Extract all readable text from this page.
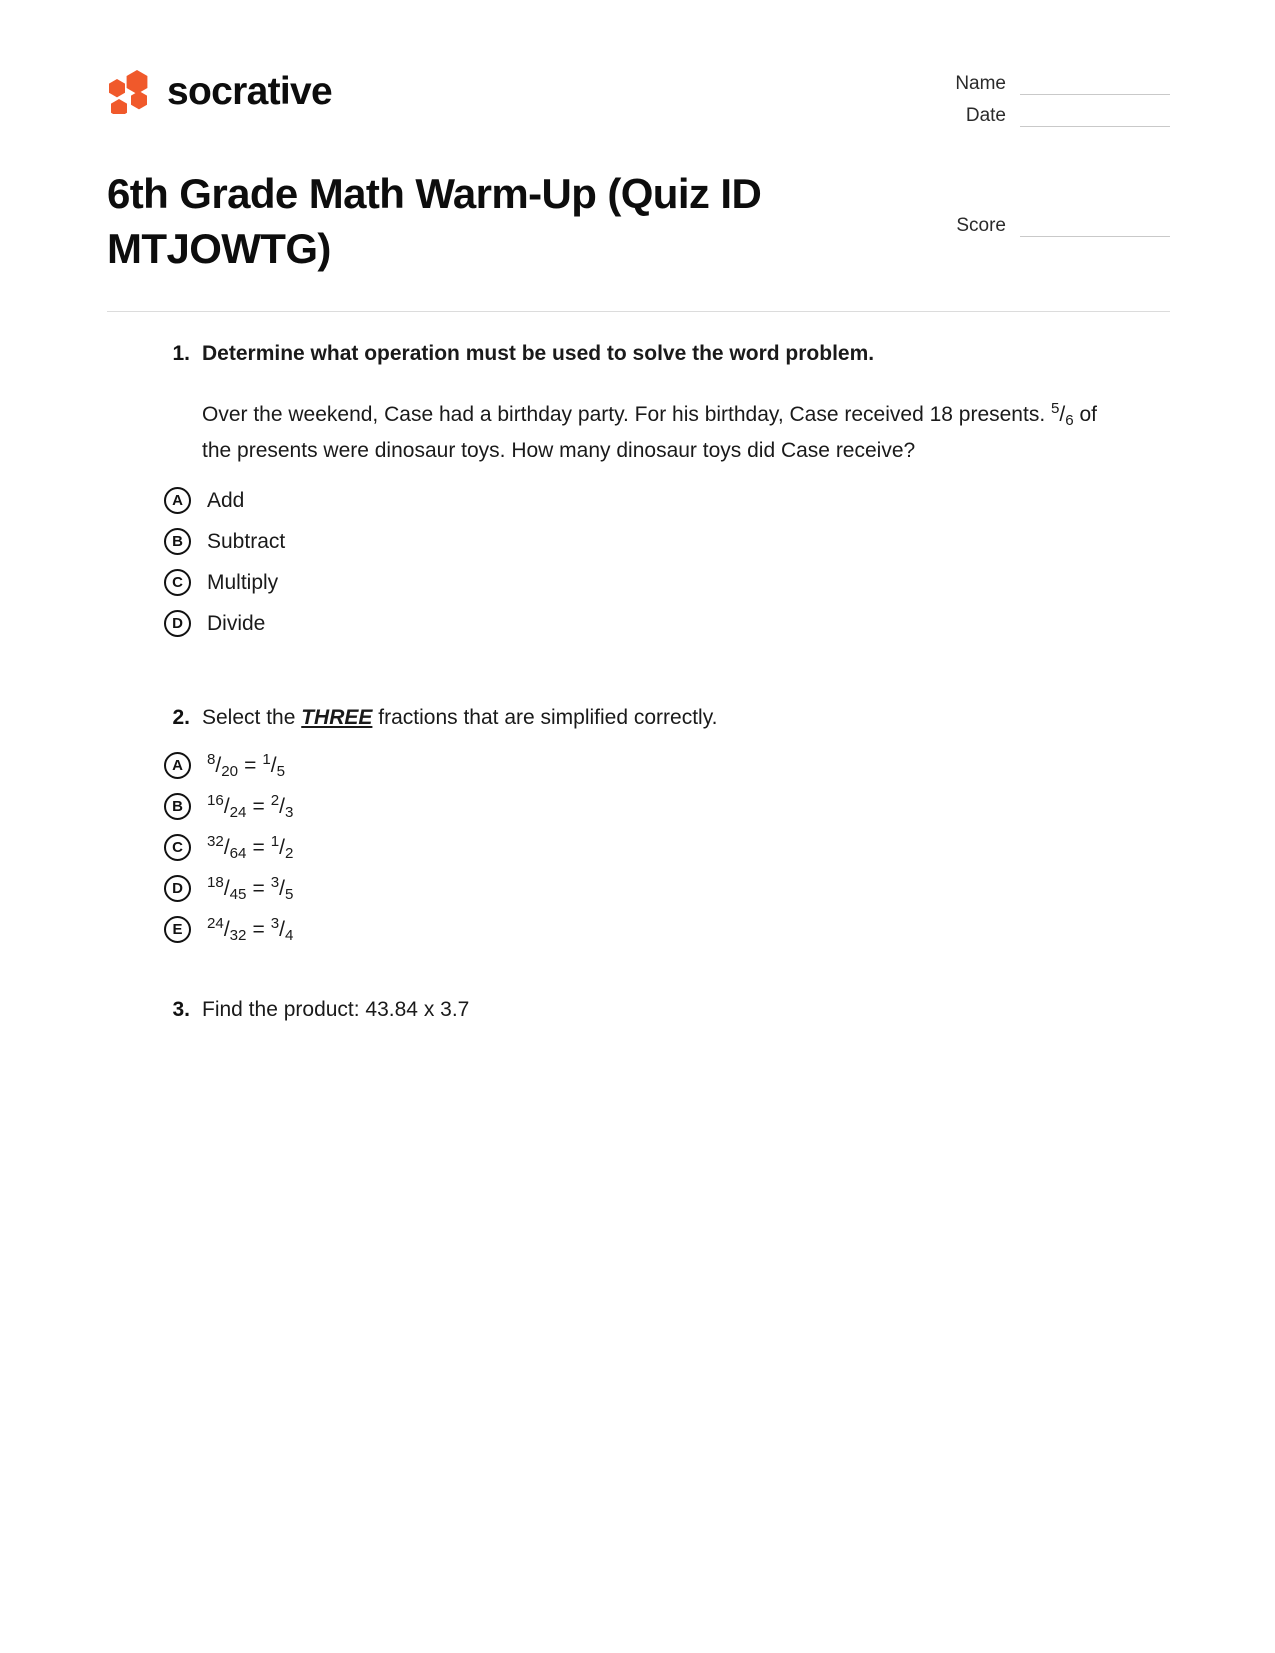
socrative	Name
Date
6th Grade Math Warm-Up (Quiz ID MTJOWTG)	Score
1. Determine what operation must be used to solve the word problem.
Over the weekend, Case had a birthday party. For his birthday, Case received 18 presents. $^5/_6$ of the presents were dinosaur toys. How many dinosaur toys did Case receive?
A	Add
B	Subtract
C	Multiply
D	Divide
2. Select the THREE fractions that are simplified correctly.
A	$^8/_{20} = ^1/_5$
B	$^{16}/_{24} = ^2/_3$
C	$^{32}/_{64} = ^1/_2$
D	$^{18}/_{45} = ^3/_5$
E	$^{24}/_{32} = ^3/_4$
3. Find the product: 43.84 x 3.7
